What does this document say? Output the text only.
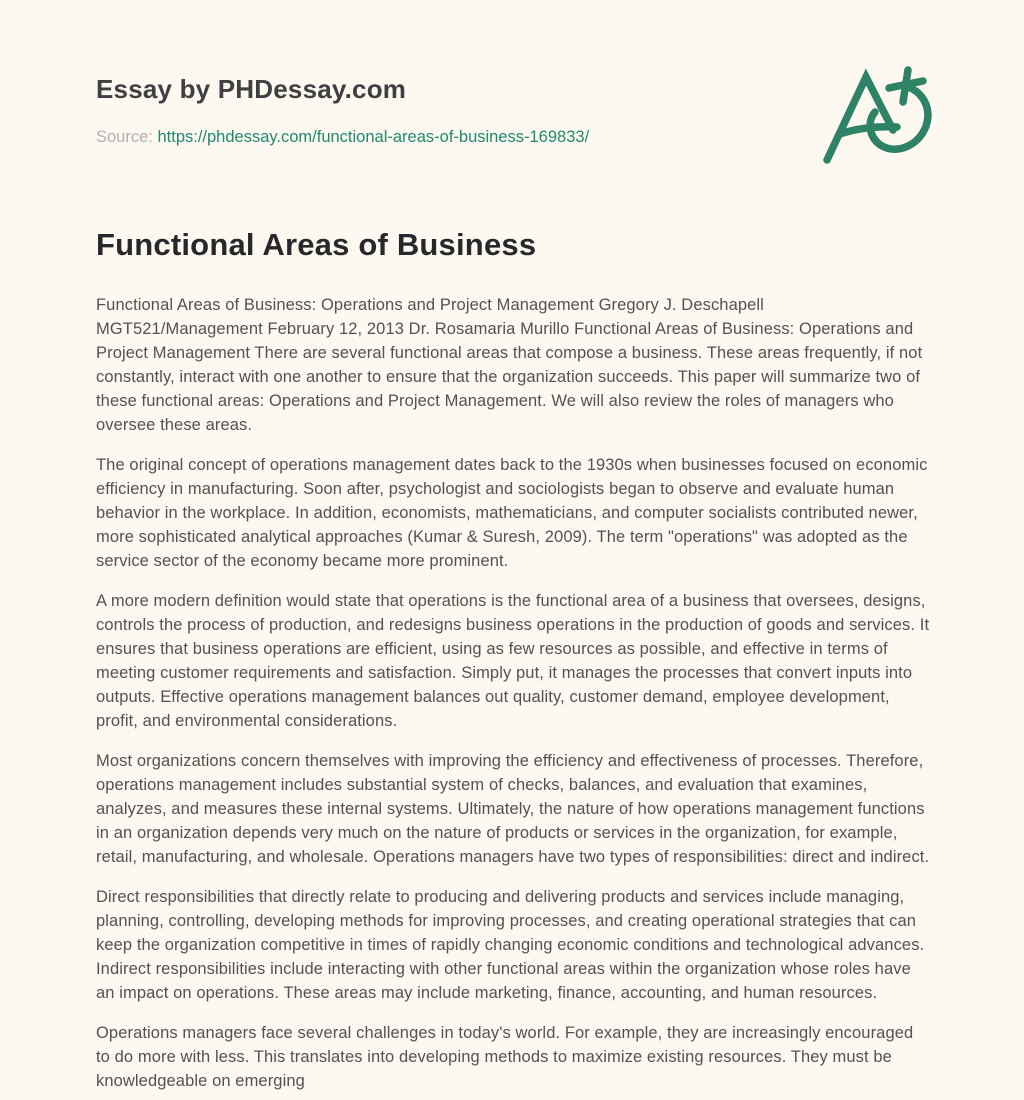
Essay by PHDessay.com
Source: https://phdessay.com/functional-areas-of-business-169833/
Functional Areas of Business

Functional Areas of Business: Operations and Project Management Gregory J. Deschapell MGT521/Management February 12, 2013 Dr. Rosamaria Murillo Functional Areas of Business: Operations and Project Management There are several functional areas that compose a business. These areas frequently, if not constantly, interact with one another to ensure that the organization succeeds. This paper will summarize two of these functional areas: Operations and Project Management. We will also review the roles of managers who oversee these areas.

The original concept of operations management dates back to the 1930s when businesses focused on economic efficiency in manufacturing. Soon after, psychologist and sociologists began to observe and evaluate human behavior in the workplace. In addition, economists, mathematicians, and computer socialists contributed newer, more sophisticated analytical approaches (Kumar & Suresh, 2009). The term "operations" was adopted as the service sector of the economy became more prominent.

A more modern definition would state that operations is the functional area of a business that oversees, designs, controls the process of production, and redesigns business operations in the production of goods and services. It ensures that business operations are efficient, using as few resources as possible, and effective in terms of meeting customer requirements and satisfaction. Simply put, it manages the processes that convert inputs into outputs. Effective operations management balances out quality, customer demand, employee development, profit, and environmental considerations.

Most organizations concern themselves with improving the efficiency and effectiveness of processes. Therefore, operations management includes substantial system of checks, balances, and evaluation that examines, analyzes, and measures these internal systems. Ultimately, the nature of how operations management functions in an organization depends very much on the nature of products or services in the organization, for example, retail, manufacturing, and wholesale. Operations managers have two types of responsibilities: direct and indirect.

Direct responsibilities that directly relate to producing and delivering products and services include managing, planning, controlling, developing methods for improving processes, and creating operational strategies that can keep the organization competitive in times of rapidly changing economic conditions and technological advances. Indirect responsibilities include interacting with other functional areas within the organization whose roles have an impact on operations. These areas may include marketing, finance, accounting, and human resources.

Operations managers face several challenges in today's world. For example, they are increasingly encouraged to do more with less. This translates into developing methods to maximize existing resources. They must be knowledgeable on emerging
